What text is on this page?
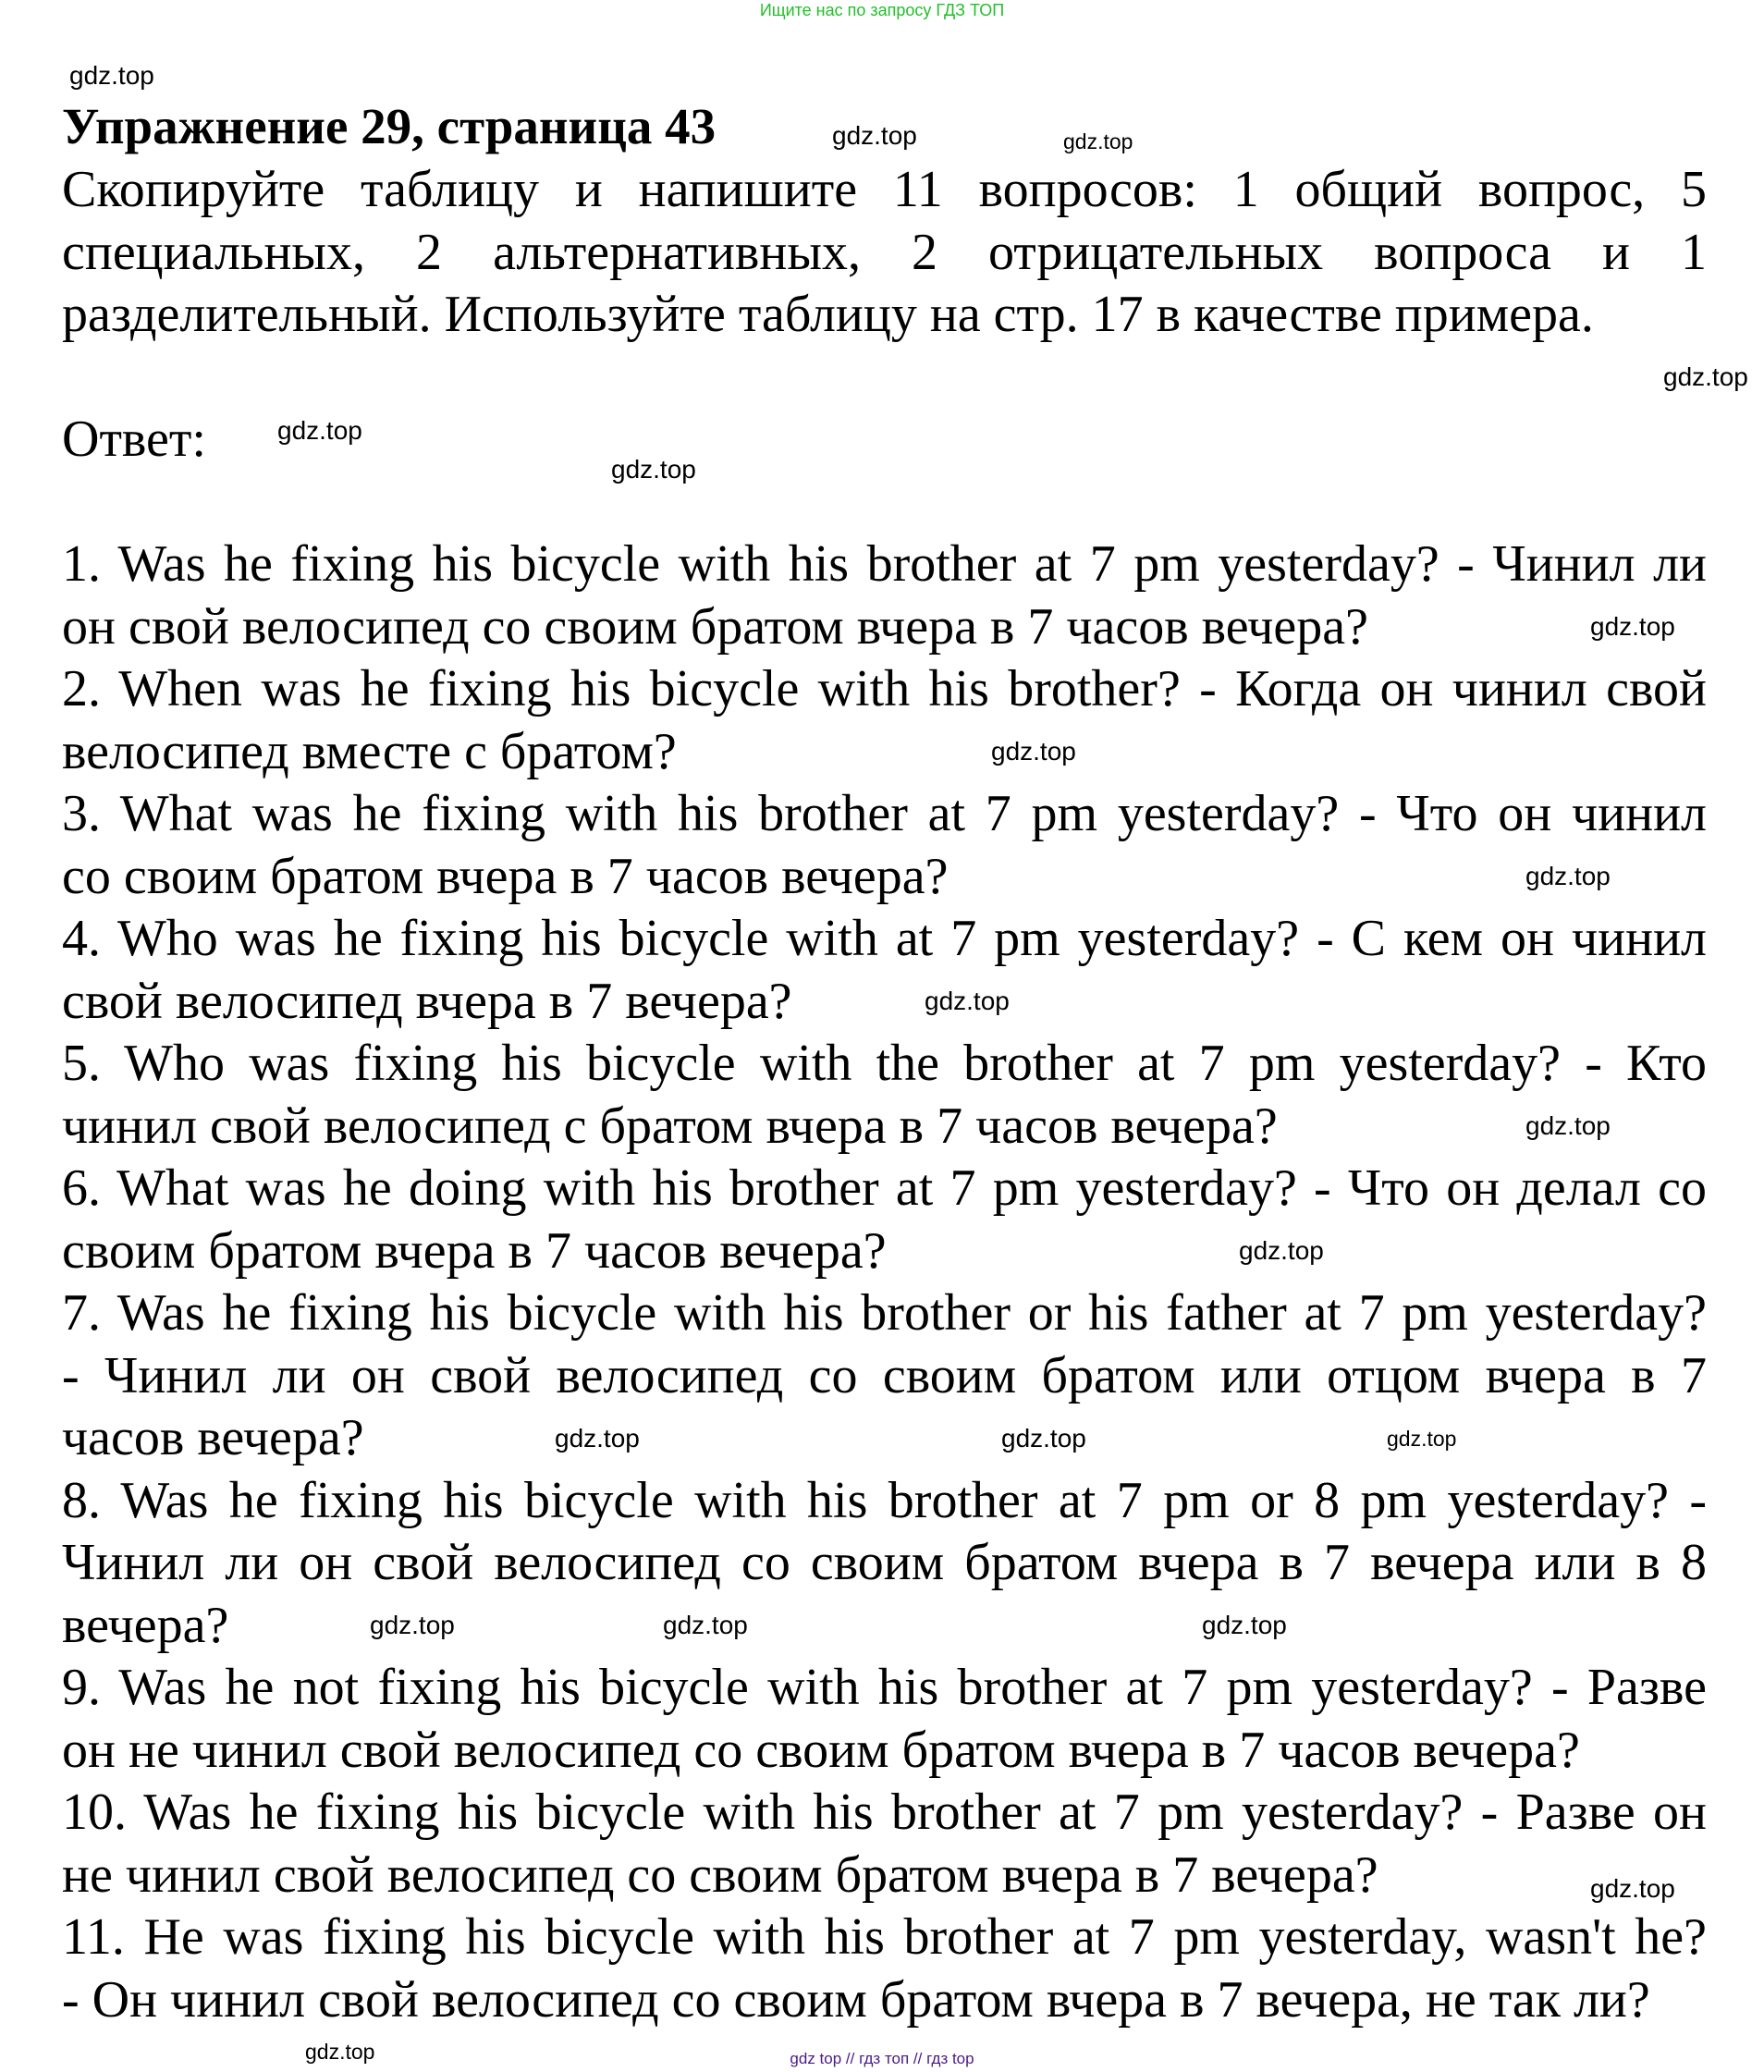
Ищите нас по запросу ГДЗ ТОП
Упражнение 29, страница 43
Скопируйте таблицу и напишите 11 вопросов: 1 общий вопрос, 5
специальных, 2 альтернативных, 2 отрицательных вопроса и 1
разделительный. Используйте таблицу на стр. 17 в качестве примера.
Ответ:
1. Was he fixing his bicycle with his brother at 7 pm yesterday? - Чинил ли
он свой велосипед со своим братом вчера в 7 часов вечера?
2. When was he fixing his bicycle with his brother? - Когда он чинил свой
велосипед вместе с братом?
3. What was he fixing with his brother at 7 pm yesterday? - Что он чинил
со своим братом вчера в 7 часов вечера?
4. Who was he fixing his bicycle with at 7 pm yesterday? - С кем он чинил
свой велосипед вчера в 7 вечера?
5. Who was fixing his bicycle with the brother at 7 pm yesterday? - Кто
чинил свой велосипед с братом вчера в 7 часов вечера?
6. What was he doing with his brother at 7 pm yesterday? - Что он делал со
своим братом вчера в 7 часов вечера?
7. Was he fixing his bicycle with his brother or his father at 7 pm yesterday?
- Чинил ли он свой велосипед со своим братом или отцом вчера в 7
часов вечера?
8. Was he fixing his bicycle with his brother at 7 pm or 8 pm yesterday? -
Чинил ли он свой велосипед со своим братом вчера в 7 вечера или в 8
вечера?
9. Was he not fixing his bicycle with his brother at 7 pm yesterday? - Разве
он не чинил свой велосипед со своим братом вчера в 7 часов вечера?
10. Was he fixing his bicycle with his brother at 7 pm yesterday? - Разве он
не чинил свой велосипед со своим братом вчера в 7 вечера?
11. He was fixing his bicycle with his brother at 7 pm yesterday, wasn't he?
- Он чинил свой велосипед со своим братом вчера в 7 вечера, не так ли?
gdz.top
gdz.top	gdz.top
gdz.top
gdz.top
gdz.top
gdz.top
gdz.top
gdz.top
gdz.top
gdz.top
gdz.top
gdz.top	gdz.top	gdz.top
gdz.top	gdz.top	gdz.top
gdz.top
gdz.top	gdz top // гдз топ // гдз top
